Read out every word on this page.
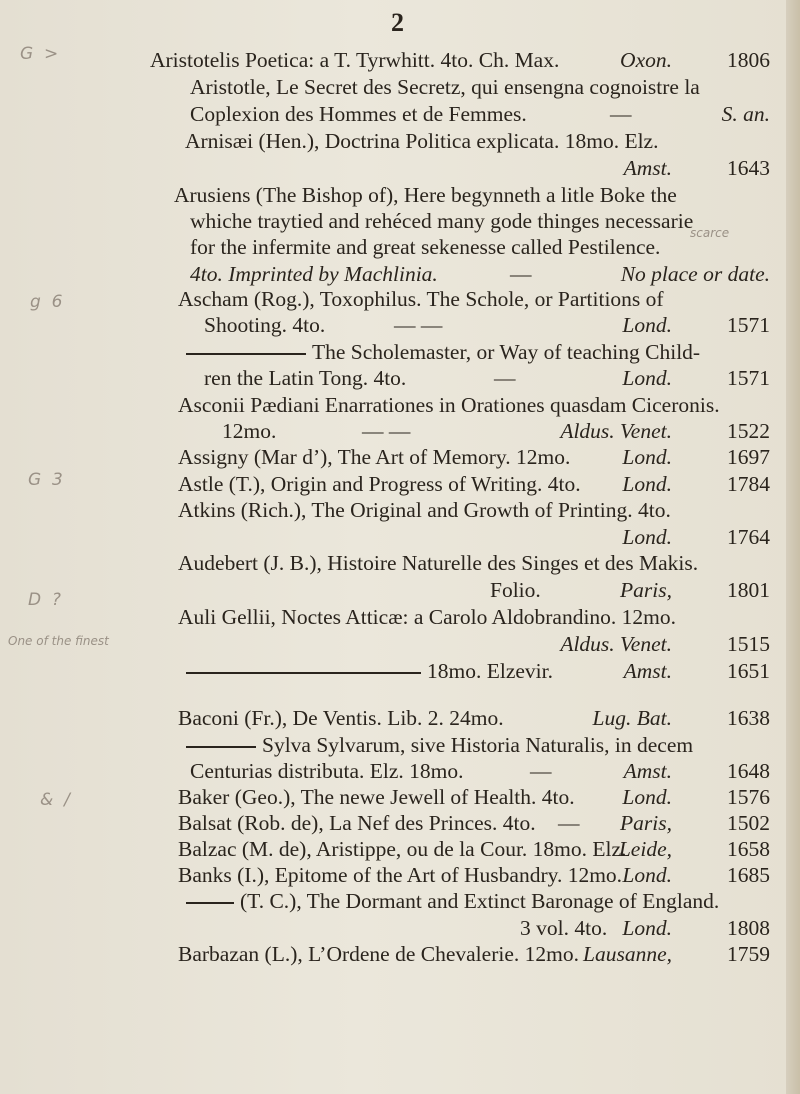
2
G  >
g  6
G  3
D  ?
&  /
One of the finest
scarce
Aristotelis Poetica: a T. Tyrwhitt. 4to. Ch. Max.	Oxon.	1806
Aristotle, Le Secret des Secretz, qui ensengna cognoistre la
Coplexion des Hommes et de Femmes.	—	S. an.
Arnisæi (Hen.), Doctrina Politica explicata. 18mo. Elz.
Amst.	1643
Arusiens (The Bishop of), Here begynneth a litle Boke the
whiche traytied and rehéced many gode thinges necessarie
for the infermite and great sekenesse called Pestilence.
4to. Imprinted by Machlinia.	—	No place or date.
Ascham (Rog.), Toxophilus. The Schole, or Partitions of
Shooting. 4to.	— —	Lond.	1571
The Scholemaster, or Way of teaching Child-
ren the Latin Tong. 4to.	—	Lond.	1571
Asconii Pædiani Enarrationes in Orationes quasdam Ciceronis.
12mo.	— —	Aldus. Venet.	1522
Assigny (Mar d’), The Art of Memory. 12mo. Lond.	1697
Astle (T.), Origin and Progress of Writing. 4to. Lond.	1784
Atkins (Rich.), The Original and Growth of Printing. 4to.
Lond.	1764
Audebert (J. B.), Histoire Naturelle des Singes et des Makis.
Folio.	Paris,	1801
Auli Gellii, Noctes Atticæ: a Carolo Aldobrandino. 12mo.
Aldus. Venet.	1515
18mo. Elzevir.	Amst.	1651
Baconi (Fr.), De Ventis. Lib. 2. 24mo.	Lug. Bat.	1638
Sylva Sylvarum, sive Historia Naturalis, in decem
Centurias distributa. Elz. 18mo.	—	Amst.	1648
Baker (Geo.), The newe Jewell of Health. 4to. Lond.	1576
Balsat (Rob. de), La Nef des Princes. 4to. — Paris,	1502
Balzac (M. de), Aristippe, ou de la Cour. 18mo. Elz.
Leide,	1658
Banks (I.), Epitome of the Art of Husbandry. 12mo. Lond.	1685
(T. C.), The Dormant and Extinct Baronage of England.
3 vol. 4to. Lond.	1808
Barbazan (L.), L’Ordene de Chevalerie. 12mo. Lausanne,	1759
